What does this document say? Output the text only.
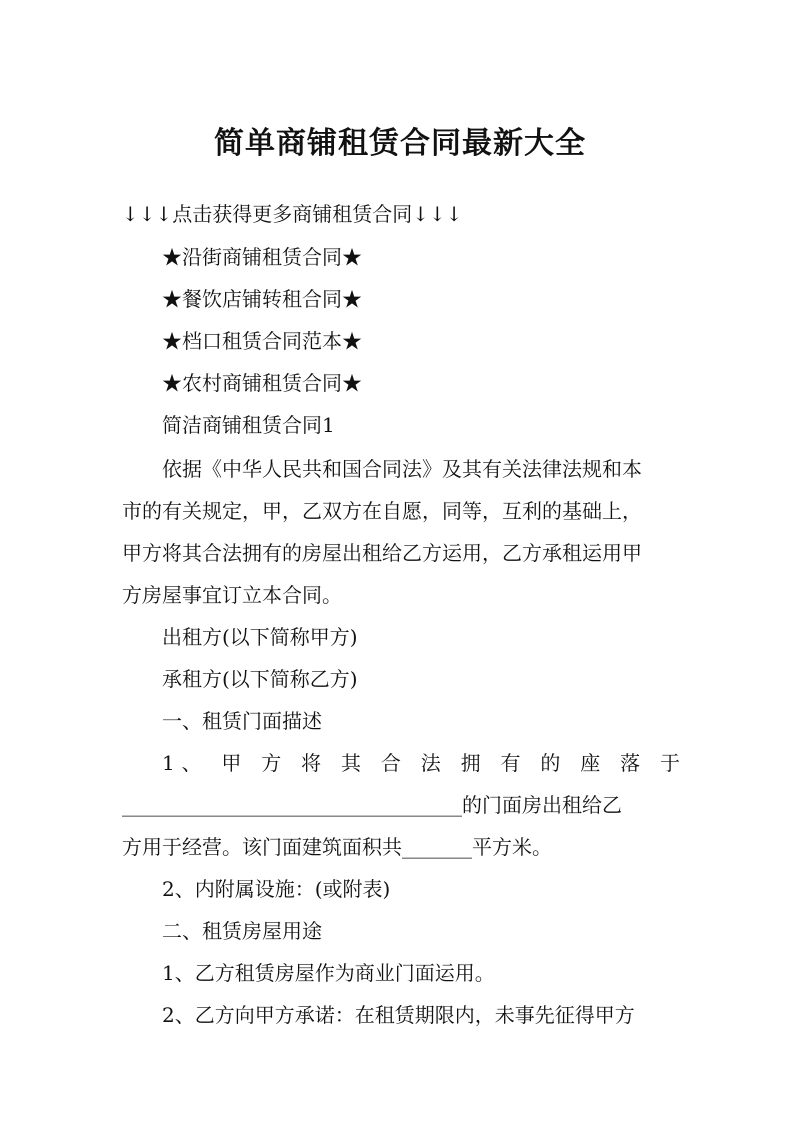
简单商铺租赁合同最新大全
↓↓↓点击获得更多商铺租赁合同↓↓↓
★沿街商铺租赁合同★
★餐饮店铺转租合同★
★档口租赁合同范本★
★农村商铺租赁合同★
简洁商铺租赁合同1
依据《中华人民共和国合同法》及其有关法律法规和本
市的有关规定，甲，乙双方在自愿，同等，互利的基础上，
甲方将其合法拥有的房屋出租给乙方运用，乙方承租运用甲
方房屋事宜订立本合同。
出租方(以下简称甲方)
承租方(以下简称乙方)
一、租赁门面描述
1、 甲 方 将 其 合 法 拥 有 的 座 落 于
__________________________________的门面房出租给乙
方用于经营。该门面建筑面积共_______平方米。
2、内附属设施：(或附表)
二、租赁房屋用途
1、乙方租赁房屋作为商业门面运用。
2、乙方向甲方承诺：在租赁期限内，未事先征得甲方
